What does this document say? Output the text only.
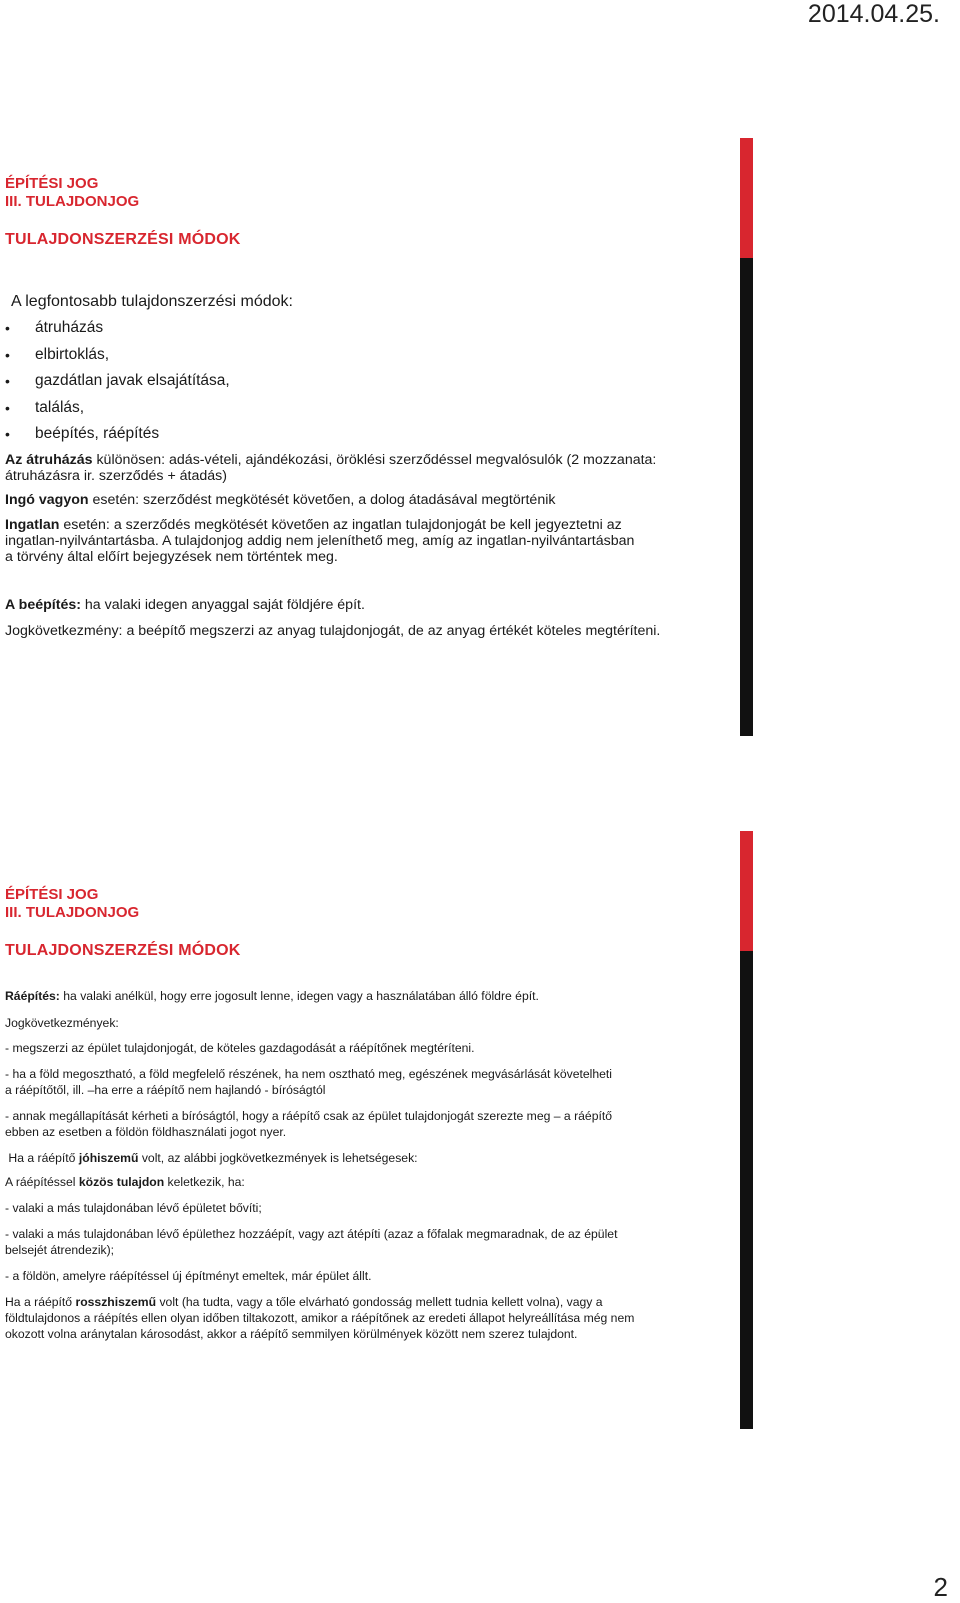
2014.04.25.
2
ÉPÍTÉSI JOG
III. TULAJDONJOG
TULAJDONSZERZÉSI MÓDOK
A legfontosabb tulajdonszerzési módok:
• átruházás
• elbirtoklás,
• gazdátlan javak elsajátítása,
• találás,
• beépítés, ráépítés

Az átruházás különösen: adás-vételi, ajándékozási, öröklési szerződéssel megvalósulók (2 mozzanata: átruházásra ir. szerződés + átadás)

Ingó vagyon esetén: szerződést megkötését követően, a dolog átadásával megtörténik

Ingatlan esetén: a szerződés megkötését követően az ingatlan tulajdonjogát be kell jegyeztetni az ingatlan-nyilvántartásba. A tulajdonjog addig nem jeleníthető meg, amíg az ingatlan-nyilvántartásban a törvény által előírt bejegyzések nem történtek meg.

A beépítés: ha valaki idegen anyaggal saját földjére épít.

Jogkövetkezmény: a beépítő megszerzi az anyag tulajdonjogát, de az anyag értékét köteles megtéríteni.

ÉPÍTÉSI JOG
III. TULAJDONJOG
TULAJDONSZERZÉSI MÓDOK

Ráépítés: ha valaki anélkül, hogy erre jogosult lenne, idegen vagy a használatában álló földre épít.

Jogkövetkezmények:

- megszerzi az épület tulajdonjogát, de köteles gazdagodását a ráépítőnek megtéríteni.

- ha a föld megosztható, a föld megfelelő részének, ha nem osztható meg, egészének megvásárlását követelheti a ráépítőtől, ill. –ha erre a ráépítő nem hajlandó - bíróságtól

- annak megállapítását kérheti a bíróságtól, hogy a ráépítő csak az épület tulajdonjogát szerezte meg – a ráépítő ebben az esetben a földön földhasználati jogot nyer.

Ha a ráépítő jóhiszemű volt, az alábbi jogkövetkezmények is lehetségesek:

A ráépítéssel közös tulajdon keletkezik, ha:

- valaki a más tulajdonában lévő épületet bővíti;

- valaki a más tulajdonában lévő épülethez hozzáépít, vagy azt átépíti (azaz a főfalak megmaradnak, de az épület belsejét átrendezik);

- a földön, amelyre ráépítéssel új építményt emeltek, már épület állt.

Ha a ráépítő rosszhiszemű volt (ha tudta, vagy a tőle elvárható gondosság mellett tudnia kellett volna), vagy a földtulajdonos a ráépítés ellen olyan időben tiltakozott, amikor a ráépítőnek az eredeti állapot helyreállítása még nem okozott volna aránytalan károsodást, akkor a ráépítő semmilyen körülmények között nem szerez tulajdont.
